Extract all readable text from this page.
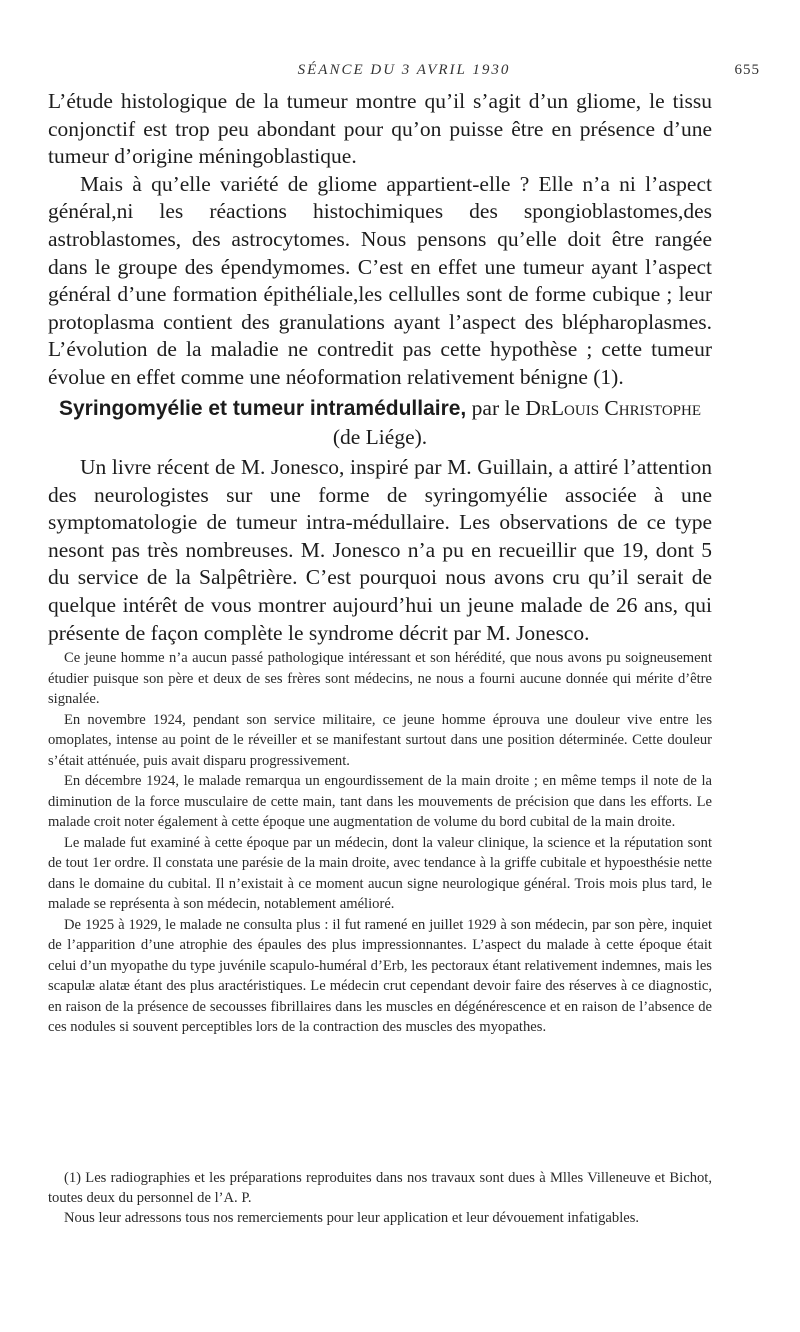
SÉANCE DU 3 AVRIL 1930	655

L’étude histologique de la tumeur montre qu’il s’agit d’un gliome, le tissu conjonctif est trop peu abondant pour qu’on puisse être en présence d’une tumeur d’origine méningoblastique.

Mais à qu’elle variété de gliome appartient-elle ? Elle n’a ni l’aspect général,ni les réactions histochimiques des spongioblastomes,des astroblastomes, des astrocytomes. Nous pensons qu’elle doit être rangée dans le groupe des épendymomes. C’est en effet une tumeur ayant l’aspect général d’une formation épithéliale,les cellulles sont de forme cubique ; leur protoplasma contient des granulations ayant l’aspect des blépharoplasmes. L’évolution de la maladie ne contredit pas cette hypothèse ; cette tumeur évolue en effet comme une néoformation relativement bénigne (1).

Syringomyélie et tumeur intramédullaire, par le DrLouis Christophe
(de Liége).

Un livre récent de M. Jonesco, inspiré par M. Guillain, a attiré l’attention des neurologistes sur une forme de syringomyélie associée à une symptomatologie de tumeur intra-médullaire. Les observations de ce type nesont pas très nombreuses. M. Jonesco n’a pu en recueillir que 19, dont 5 du service de la Salpêtrière. C’est pourquoi nous avons cru qu’il serait de quelque intérêt de vous montrer aujourd’hui un jeune malade de 26 ans, qui présente de façon complète le syndrome décrit par M. Jonesco.

Ce jeune homme n’a aucun passé pathologique intéressant et son hérédité, que nous avons pu soigneusement étudier puisque son père et deux de ses frères sont médecins, ne nous a fourni aucune donnée qui mérite d’être signalée.

En novembre 1924, pendant son service militaire, ce jeune homme éprouva une douleur vive entre les omoplates, intense au point de le réveiller et se manifestant surtout dans une position déterminée. Cette douleur s’était atténuée, puis avait disparu progressivement.

En décembre 1924, le malade remarqua un engourdissement de la main droite ; en même temps il note de la diminution de la force musculaire de cette main, tant dans les mouvements de précision que dans les efforts. Le malade croit noter également à cette époque une augmentation de volume du bord cubital de la main droite.

Le malade fut examiné à cette époque par un médecin, dont la valeur clinique, la science et la réputation sont de tout 1er ordre. Il constata une parésie de la main droite, avec tendance à la griffe cubitale et hypoesthésie nette dans le domaine du cubital. Il n’existait à ce moment aucun signe neurologique général. Trois mois plus tard, le malade se représenta à son médecin, notablement amélioré.

De 1925 à 1929, le malade ne consulta plus : il fut ramené en juillet 1929 à son médecin, par son père, inquiet de l’apparition d’une atrophie des épaules des plus impressionnantes. L’aspect du malade à cette époque était celui d’un myopathe du type juvénile scapulo-huméral d’Erb, les pectoraux étant relativement indemnes, mais les scapulæ alatæ étant des plus aractéristiques. Le médecin crut cependant devoir faire des réserves à ce diagnostic, en raison de la présence de secousses fibrillaires dans les muscles en dégénérescence et en raison de l’absence de ces nodules si souvent perceptibles lors de la contraction des muscles des myopathes.

(1) Les radiographies et les préparations reproduites dans nos travaux sont dues à Mlles Villeneuve et Bichot, toutes deux du personnel de l’A. P.

Nous leur adressons tous nos remerciements pour leur application et leur dévouement infatigables.
